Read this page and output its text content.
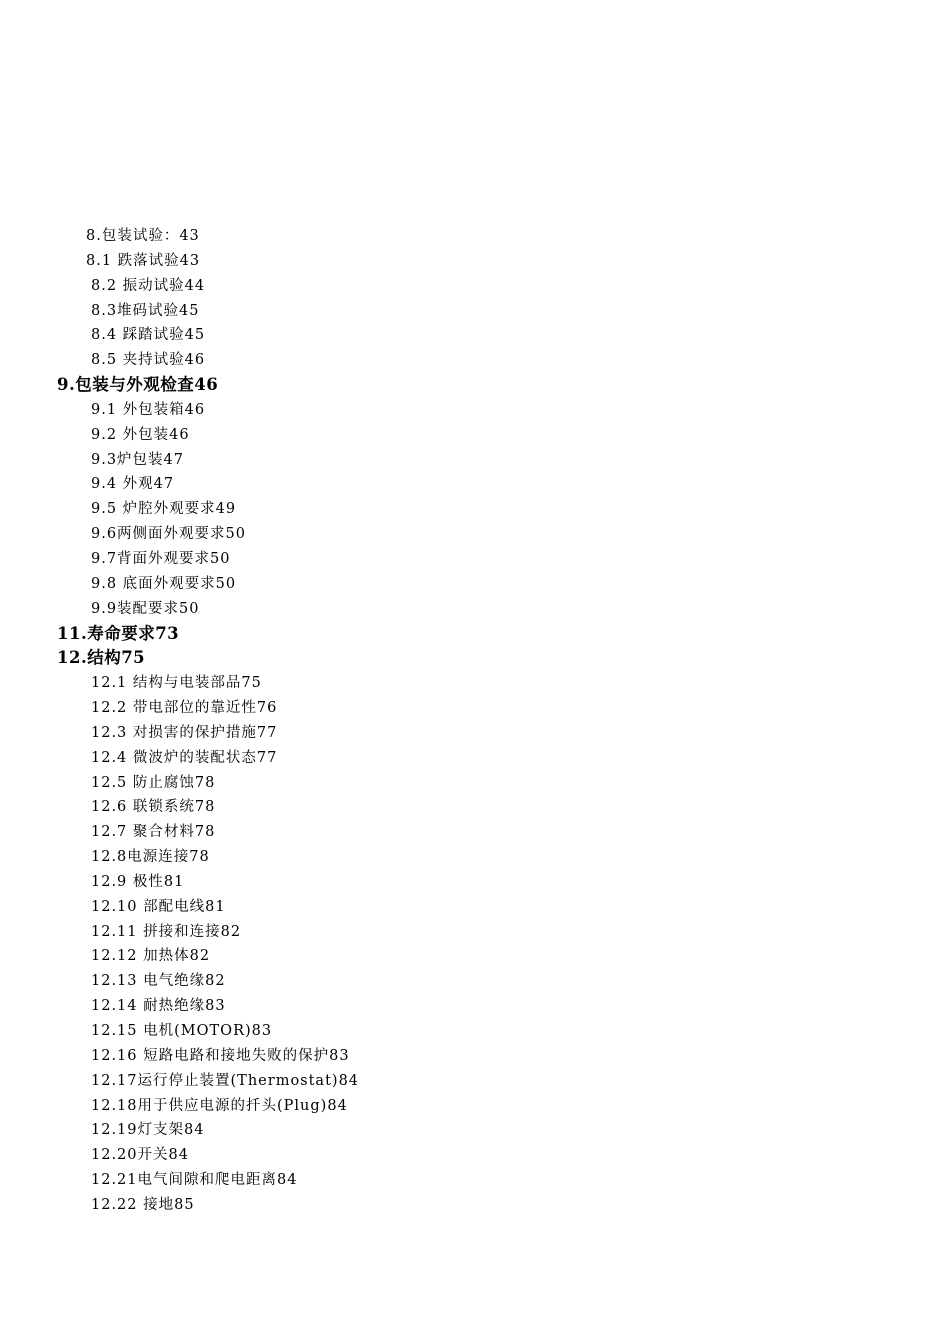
8.包装试验：43
8.1 跌落试验43
8.2 振动试验44
8.3堆码试验45
8.4 踩踏试验45
8.5 夹持试验46
9.包装与外观检查46
9.1 外包装箱46
9.2 外包装46
9.3炉包装47
9.4 外观47
9.5 炉腔外观要求49
9.6两侧面外观要求50
9.7背面外观要求50
9.8 底面外观要求50
9.9装配要求50
11.寿命要求73
12.结构75
12.1 结构与电装部品75
12.2 带电部位的靠近性76
12.3 对损害的保护措施77
12.4 微波炉的装配状态77
12.5 防止腐蚀78
12.6 联锁系统78
12.7 聚合材料78
12.8电源连接78
12.9 极性81
12.10 部配电线81
12.11 拼接和连接82
12.12 加热体82
12.13 电气绝缘82
12.14 耐热绝缘83
12.15 电机(MOTOR)83
12.16 短路电路和接地失败的保护83
12.17运行停止装置(Thermostat)84
12.18用于供应电源的扦头(Plug)84
12.19灯支架84
12.20开关84
12.21电气间隙和爬电距离84
12.22 接地85
